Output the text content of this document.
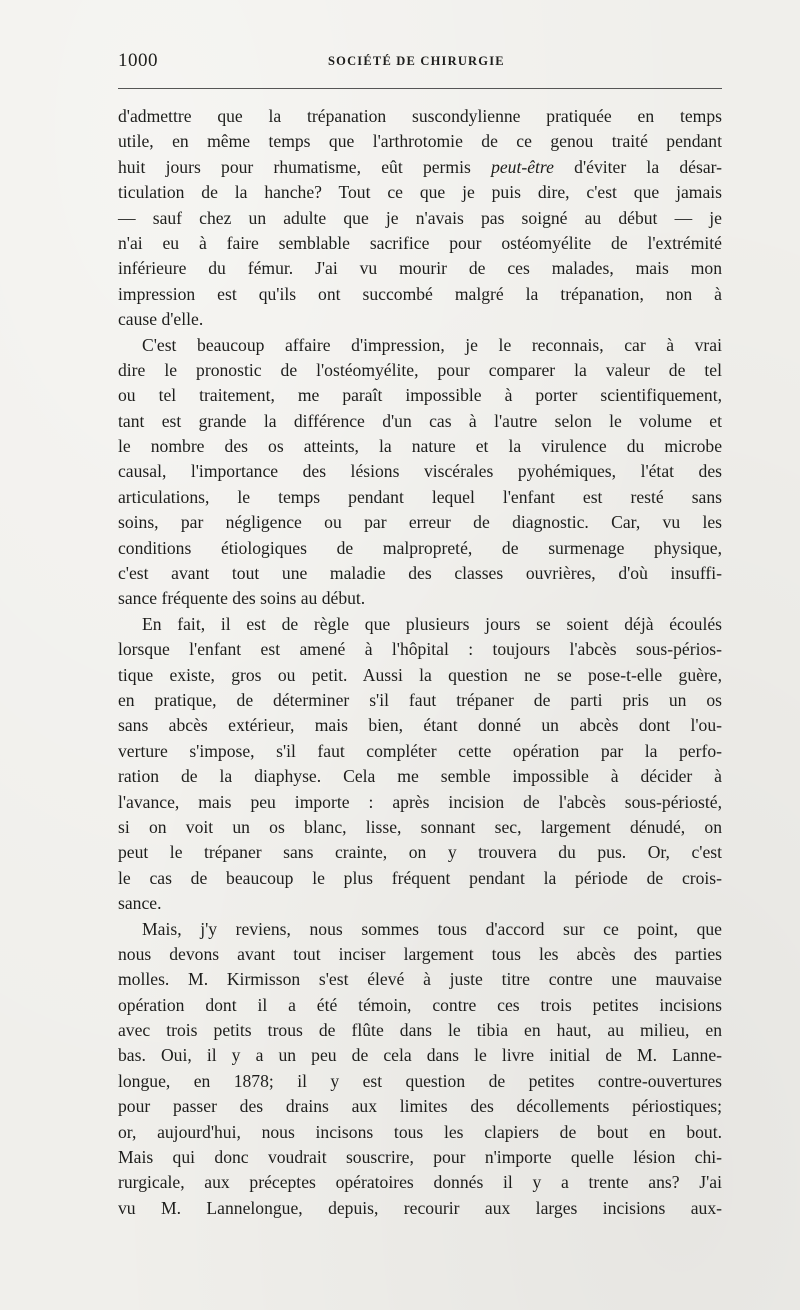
1000	SOCIÉTÉ DE CHIRURGIE
d'admettre que la trépanation suscondylienne pratiquée en temps
utile, en même temps que l'arthrotomie de ce genou traité pendant
huit jours pour rhumatisme, eût permis peut-être d'éviter la désar-
ticulation de la hanche? Tout ce que je puis dire, c'est que jamais
— sauf chez un adulte que je n'avais pas soigné au début — je
n'ai eu à faire semblable sacrifice pour ostéomyélite de l'extrémité
inférieure du fémur. J'ai vu mourir de ces malades, mais mon
impression est qu'ils ont succombé malgré la trépanation, non à
cause d'elle.
C'est beaucoup affaire d'impression, je le reconnais, car à vrai
dire le pronostic de l'ostéomyélite, pour comparer la valeur de tel
ou tel traitement, me paraît impossible à porter scientifiquement,
tant est grande la différence d'un cas à l'autre selon le volume et
le nombre des os atteints, la nature et la virulence du microbe
causal, l'importance des lésions viscérales pyohémiques, l'état des
articulations, le temps pendant lequel l'enfant est resté sans
soins, par négligence ou par erreur de diagnostic. Car, vu les
conditions étiologiques de malpropreté, de surmenage physique,
c'est avant tout une maladie des classes ouvrières, d'où insuffi-
sance fréquente des soins au début.
En fait, il est de règle que plusieurs jours se soient déjà écoulés
lorsque l'enfant est amené à l'hôpital : toujours l'abcès sous-périos-
tique existe, gros ou petit. Aussi la question ne se pose-t-elle guère,
en pratique, de déterminer s'il faut trépaner de parti pris un os
sans abcès extérieur, mais bien, étant donné un abcès dont l'ou-
verture s'impose, s'il faut compléter cette opération par la perfo-
ration de la diaphyse. Cela me semble impossible à décider à
l'avance, mais peu importe : après incision de l'abcès sous-périosté,
si on voit un os blanc, lisse, sonnant sec, largement dénudé, on
peut le trépaner sans crainte, on y trouvera du pus. Or, c'est
le cas de beaucoup le plus fréquent pendant la période de crois-
sance.
Mais, j'y reviens, nous sommes tous d'accord sur ce point, que
nous devons avant tout inciser largement tous les abcès des parties
molles. M. Kirmisson s'est élevé à juste titre contre une mauvaise
opération dont il a été témoin, contre ces trois petites incisions
avec trois petits trous de flûte dans le tibia en haut, au milieu, en
bas. Oui, il y a un peu de cela dans le livre initial de M. Lanne-
longue, en 1878; il y est question de petites contre-ouvertures
pour passer des drains aux limites des décollements périostiques;
or, aujourd'hui, nous incisons tous les clapiers de bout en bout.
Mais qui donc voudrait souscrire, pour n'importe quelle lésion chi-
rurgicale, aux préceptes opératoires donnés il y a trente ans? J'ai
vu M. Lannelongue, depuis, recourir aux larges incisions aux-
